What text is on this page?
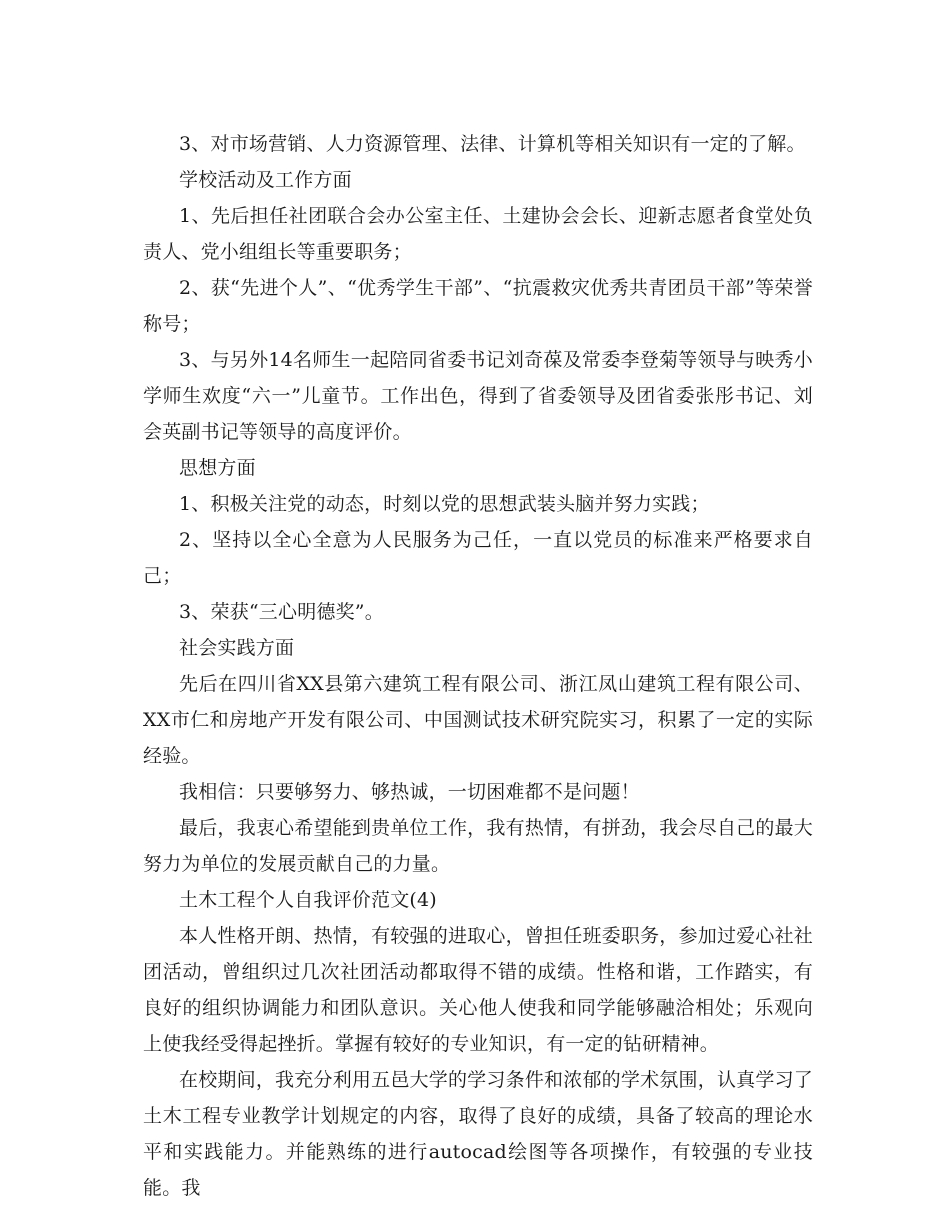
3、对市场营销、人力资源管理、法律、计算机等相关知识有一定的了解。

学校活动及工作方面

1、先后担任社团联合会办公室主任、土建协会会长、迎新志愿者食堂处负责人、党小组组长等重要职务；

2、获“先进个人”、“优秀学生干部”、“抗震救灾优秀共青团员干部”等荣誉称号；

3、与另外14名师生一起陪同省委书记刘奇葆及常委李登菊等领导与映秀小学师生欢度“六一”儿童节。工作出色，得到了省委领导及团省委张彤书记、刘会英副书记等领导的高度评价。

思想方面

1、积极关注党的动态，时刻以党的思想武装头脑并努力实践；

2、坚持以全心全意为人民服务为己任，一直以党员的标准来严格要求自己；

3、荣获“三心明德奖”。

社会实践方面

先后在四川省XX县第六建筑工程有限公司、浙江凤山建筑工程有限公司、XX市仁和房地产开发有限公司、中国测试技术研究院实习，积累了一定的实际经验。

我相信：只要够努力、够热诚，一切困难都不是问题！

最后，我衷心希望能到贵单位工作，我有热情，有拼劲，我会尽自己的最大努力为单位的发展贡献自己的力量。

土木工程个人自我评价范文(4)

本人性格开朗、热情，有较强的进取心，曾担任班委职务，参加过爱心社社团活动，曾组织过几次社团活动都取得不错的成绩。性格和谐，工作踏实，有良好的组织协调能力和团队意识。关心他人使我和同学能够融洽相处；乐观向上使我经受得起挫折。掌握有较好的专业知识，有一定的钻研精神。

在校期间，我充分利用五邑大学的学习条件和浓郁的学术氛围，认真学习了土木工程专业教学计划规定的内容，取得了良好的成绩，具备了较高的理论水平和实践能力。并能熟练的进行autocad绘图等各项操作，有较强的专业技能。我
